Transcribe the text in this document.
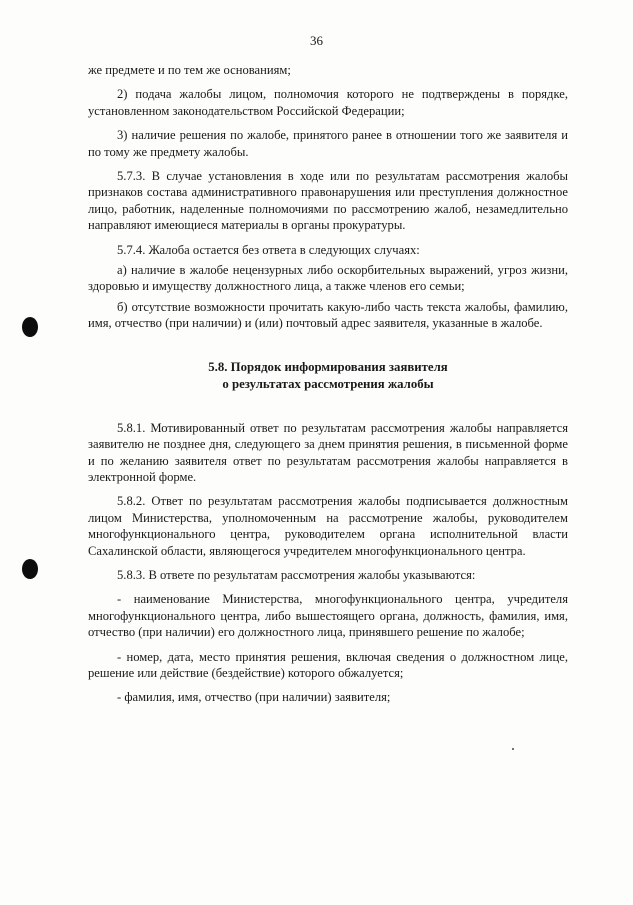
36

же предмете и по тем же основаниям;

2) подача жалобы лицом, полномочия которого не подтверждены в порядке, установленном законодательством Российской Федерации;

3) наличие решения по жалобе, принятого ранее в отношении того же заявителя и по тому же предмету жалобы.

5.7.3. В случае установления в ходе или по результатам рассмотрения жалобы признаков состава административного правонарушения или преступления должностное лицо, работник, наделенные полномочиями по рассмотрению жалоб, незамедлительно направляют имеющиеся материалы в органы прокуратуры.

5.7.4. Жалоба остается без ответа в следующих случаях:

а) наличие в жалобе нецензурных либо оскорбительных выражений, угроз жизни, здоровью и имуществу должностного лица, а также членов его семьи;

б) отсутствие возможности прочитать какую-либо часть текста жалобы, фамилию, имя, отчество (при наличии) и (или) почтовый адрес заявителя, указанные в жалобе.

5.8. Порядок информирования заявителя
о результатах рассмотрения жалобы

5.8.1. Мотивированный ответ по результатам рассмотрения жалобы направляется заявителю не позднее дня, следующего за днем принятия решения, в письменной форме и по желанию заявителя ответ по результатам рассмотрения жалобы направляется в электронной форме.

5.8.2. Ответ по результатам рассмотрения жалобы подписывается должностным лицом Министерства, уполномоченным на рассмотрение жалобы, руководителем многофункционального центра, руководителем органа исполнительной власти Сахалинской области, являющегося учредителем многофункционального центра.

5.8.3. В ответе по результатам рассмотрения жалобы указываются:

- наименование Министерства, многофункционального центра, учредителя многофункционального центра, либо вышестоящего органа, должность, фамилия, имя, отчество (при наличии) его должностного лица, принявшего решение по жалобе;

- номер, дата, место принятия решения, включая сведения о должностном лице, решение или действие (бездействие) которого обжалуется;

- фамилия, имя, отчество (при наличии) заявителя;
